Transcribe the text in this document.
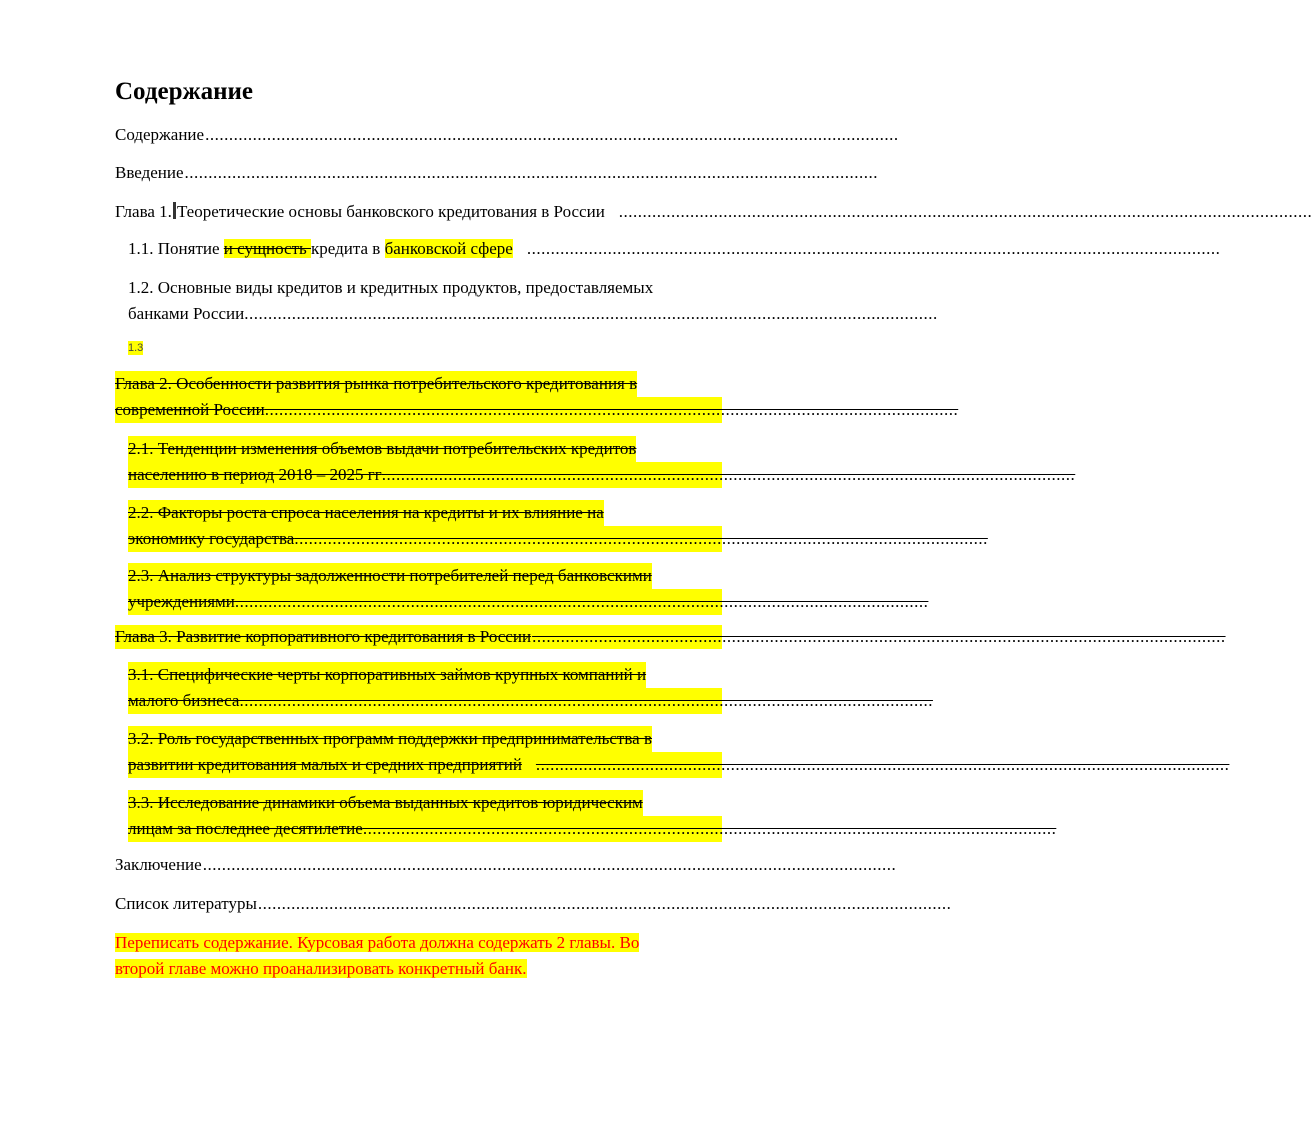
Содержание
Содержание ..................................................................................................................................................
Введение ..................................................................................................................................................
Глава 1. Теоретические основы банковского кредитования в России ..................................................................................................................................................
1.1. Понятие и сущность кредита в банковской сфере ..................................................................................................................................................
1.2. Основные виды кредитов и кредитных продуктов, предоставляемых
банками России ..................................................................................................................................................
1.3
Глава 2. Особенности развития рынка потребительского кредитования в
современной России ..................................................................................................................................................
2.1. Тенденции изменения объемов выдачи потребительских кредитов
населению в период 2018 – 2025 гг ..................................................................................................................................................
2.2. Факторы роста спроса населения на кредиты и их влияние на
экономику государства ..................................................................................................................................................
2.3. Анализ структуры задолженности потребителей перед банковскими
учреждениями ..................................................................................................................................................
Глава 3. Развитие корпоративного кредитования в России ..................................................................................................................................................
3.1. Специфические черты корпоративных займов крупных компаний и
малого бизнеса ..................................................................................................................................................
3.2. Роль государственных программ поддержки предпринимательства в
развитии кредитования малых и средних предприятий ..................................................................................................................................................
3.3. Исследование динамики объема выданных кредитов юридическим
лицам за последнее десятилетие ..................................................................................................................................................
Заключение ..................................................................................................................................................
Список литературы ..................................................................................................................................................
Переписать содержание. Курсовая работа должна содержать 2 главы. Во
второй главе можно проанализировать конкретный банк.
